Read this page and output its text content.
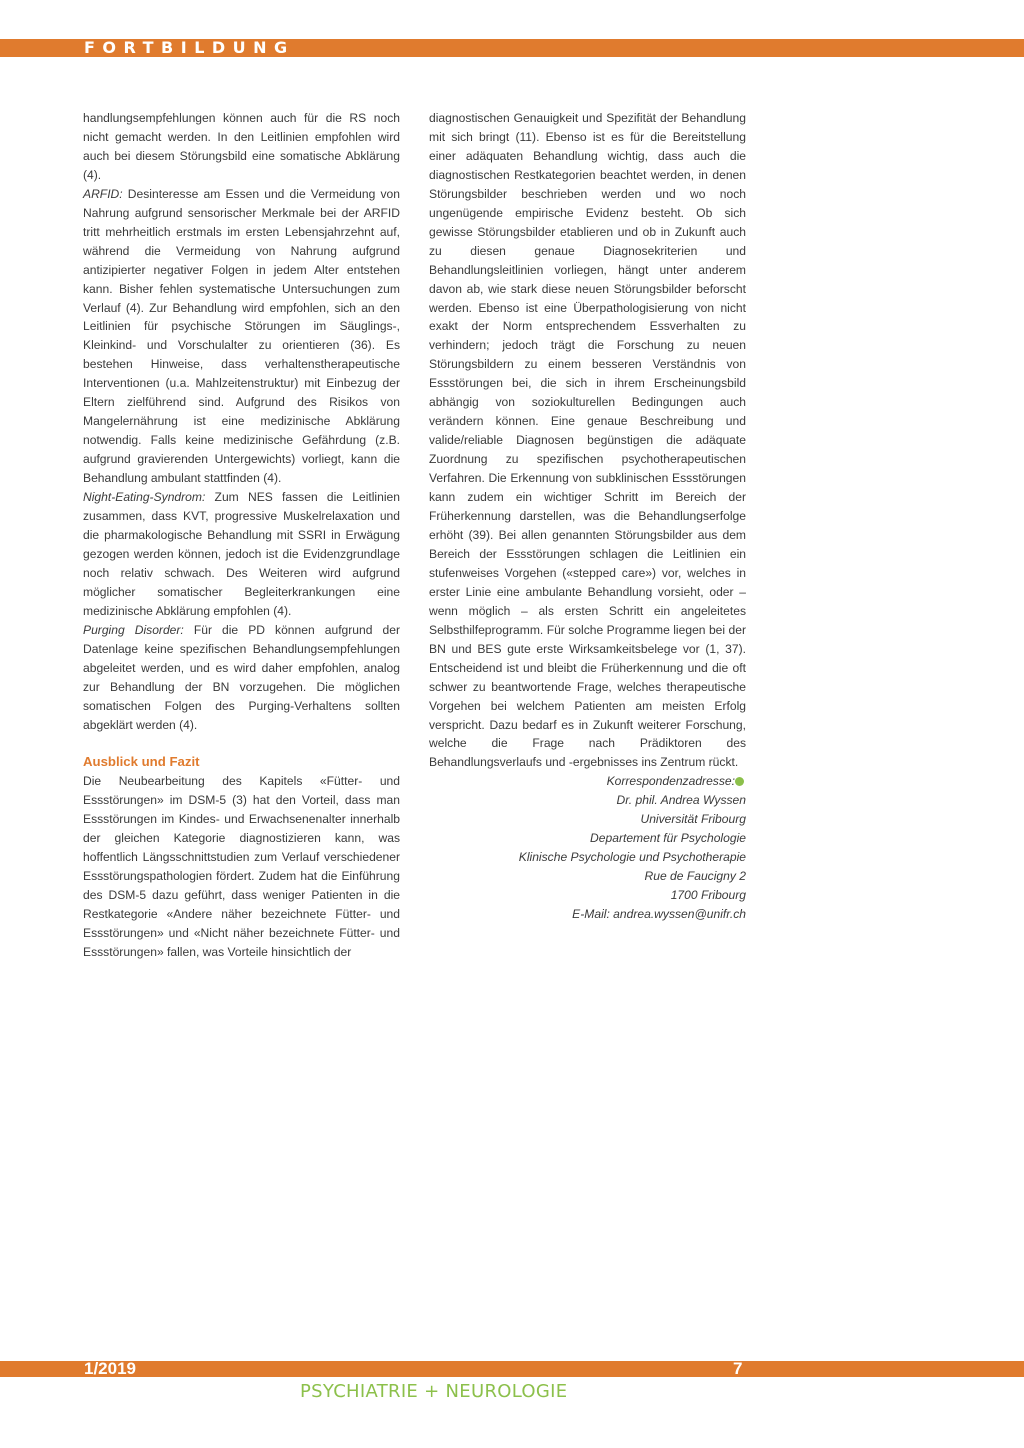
FORTBILDUNG

handlungsempfehlungen können auch für die RS noch nicht gemacht werden. In den Leitlinien empfohlen wird auch bei diesem Störungsbild eine somatische Abklärung (4).

ARFID: Desinteresse am Essen und die Vermeidung von Nahrung aufgrund sensorischer Merkmale bei der ARFID tritt mehrheitlich erstmals im ersten Lebensjahrzehnt auf, während die Vermeidung von Nahrung aufgrund antizipierter negativer Folgen in jedem Alter entstehen kann. Bisher fehlen systematische Untersuchungen zum Verlauf (4). Zur Behandlung wird empfohlen, sich an den Leitlinien für psychische Störungen im Säuglings-, Kleinkind- und Vorschulalter zu orientieren (36). Es bestehen Hinweise, dass verhaltenstherapeutische Interventionen (u.a. Mahlzeitenstruktur) mit Einbezug der Eltern zielführend sind. Aufgrund des Risikos von Mangelernährung ist eine medizinische Abklärung notwendig. Falls keine medizinische Gefährdung (z.B. aufgrund gravierenden Untergewichts) vorliegt, kann die Behandlung ambulant stattfinden (4).

Night-Eating-Syndrom: Zum NES fassen die Leitlinien zusammen, dass KVT, progressive Muskelrelaxation und die pharmakologische Behandlung mit SSRI in Erwägung gezogen werden können, jedoch ist die Evidenzgrundlage noch relativ schwach. Des Weiteren wird aufgrund möglicher somatischer Begleiterkrankungen eine medizinische Abklärung empfohlen (4).

Purging Disorder: Für die PD können aufgrund der Datenlage keine spezifischen Behandlungsempfehlungen abgeleitet werden, und es wird daher empfohlen, analog zur Behandlung der BN vorzugehen. Die möglichen somatischen Folgen des Purging-Verhaltens sollten abgeklärt werden (4).

Ausblick und Fazit

Die Neubearbeitung des Kapitels «Fütter- und Essstörungen» im DSM-5 (3) hat den Vorteil, dass man Essstörungen im Kindes- und Erwachsenenalter innerhalb der gleichen Kategorie diagnostizieren kann, was hoffentlich Längsschnittstudien zum Verlauf verschiedener Essstörungspathologien fördert. Zudem hat die Einführung des DSM-5 dazu geführt, dass weniger Patienten in die Restkategorie «Andere näher bezeichnete Fütter- und Essstörungen» und «Nicht näher bezeichnete Fütter- und Essstörungen» fallen, was Vorteile hinsichtlich der

diagnostischen Genauigkeit und Spezifität der Behandlung mit sich bringt (11). Ebenso ist es für die Bereitstellung einer adäquaten Behandlung wichtig, dass auch die diagnostischen Restkategorien beachtet werden, in denen Störungsbilder beschrieben werden und wo noch ungenügende empirische Evidenz besteht. Ob sich gewisse Störungsbilder etablieren und ob in Zukunft auch zu diesen genaue Diagnosekriterien und Behandlungsleitlinien vorliegen, hängt unter anderem davon ab, wie stark diese neuen Störungsbilder beforscht werden. Ebenso ist eine Überpathologisierung von nicht exakt der Norm entsprechendem Essverhalten zu verhindern; jedoch trägt die Forschung zu neuen Störungsbildern zu einem besseren Verständnis von Essstörungen bei, die sich in ihrem Erscheinungsbild abhängig von soziokulturellen Bedingungen auch verändern können. Eine genaue Beschreibung und valide/reliable Diagnosen begünstigen die adäquate Zuordnung zu spezifischen psychotherapeutischen Verfahren. Die Erkennung von subklinischen Essstörungen kann zudem ein wichtiger Schritt im Bereich der Früherkennung darstellen, was die Behandlungserfolge erhöht (39). Bei allen genannten Störungsbilder aus dem Bereich der Essstörungen schlagen die Leitlinien ein stufenweises Vorgehen («stepped care») vor, welches in erster Linie eine ambulante Behandlung vorsieht, oder – wenn möglich – als ersten Schritt ein angeleitetes Selbsthilfeprogramm. Für solche Programme liegen bei der BN und BES gute erste Wirksamkeitsbelege vor (1, 37). Entscheidend ist und bleibt die Früherkennung und die oft schwer zu beantwortende Frage, welches therapeutische Vorgehen bei welchem Patienten am meisten Erfolg verspricht. Dazu bedarf es in Zukunft weiterer Forschung, welche die Frage nach Prädiktoren des Behandlungsverlaufs und -ergebnisses ins Zentrum rückt.

Korrespondenzadresse:
Dr. phil. Andrea Wyssen
Universität Fribourg
Departement für Psychologie
Klinische Psychologie und Psychotherapie
Rue de Faucigny 2
1700 Fribourg
E-Mail: andrea.wyssen@unifr.ch
1/2019	7
PSYCHIATRIE + NEUROLOGIE
